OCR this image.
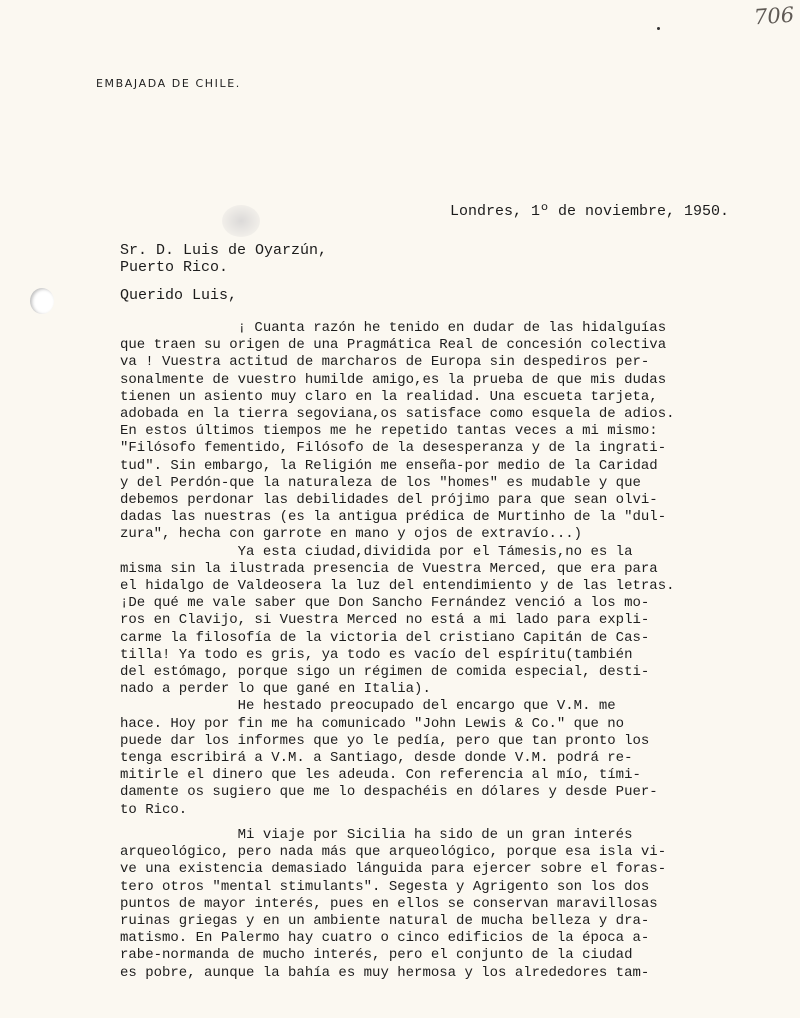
706
EMBAJADA DE CHILE.
Londres, 1º de noviembre, 1950.
Sr. D. Luis de Oyarzún,
Puerto Rico.
Querido Luis,
¡ Cuanta razón he tenido en dudar de las hidalguías
que traen su origen de una Pragmática Real de concesión colectiva
va ! Vuestra actitud de marcharos de Europa sin despediros per-
sonalmente de vuestro humilde amigo,es la prueba de que mis dudas
tienen un asiento muy claro en la realidad. Una escueta tarjeta,
adobada en la tierra segoviana,os satisface como esquela de adios.
En estos últimos tiempos me he repetido tantas veces a mi mismo:
"Filósofo fementido, Filósofo de la desesperanza y de la ingrati-
tud". Sin embargo, la Religión me enseña-por medio de la Caridad
y del Perdón-que la naturaleza de los "homes" es mudable y que
debemos perdonar las debilidades del prójimo para que sean olvi-
dadas las nuestras (es la antigua prédica de Murtinho de la "dul-
zura", hecha con garrote en mano y ojos de extravío...)
Ya esta ciudad,dividida por el Támesis,no es la
misma sin la ilustrada presencia de Vuestra Merced, que era para
el hidalgo de Valdeosera la luz del entendimiento y de las letras.
¡De qué me vale saber que Don Sancho Fernández venció a los mo-
ros en Clavijo, si Vuestra Merced no está a mi lado para expli-
carme la filosofía de la victoria del cristiano Capitán de Cas-
tilla! Ya todo es gris, ya todo es vacío del espíritu(también
del estómago, porque sigo un régimen de comida especial, desti-
nado a perder lo que gané en Italia).
He hestado preocupado del encargo que V.M. me
hace. Hoy por fin me ha comunicado "John Lewis & Co." que no
puede dar los informes que yo le pedía, pero que tan pronto los
tenga escribirá a V.M. a Santiago, desde donde V.M. podrá re-
mitirle el dinero que les adeuda. Con referencia al mío, tími-
damente os sugiero que me lo despachéis en dólares y desde Puer-
to Rico.
Mi viaje por Sicilia ha sido de un gran interés
arqueológico, pero nada más que arqueológico, porque esa isla vi-
ve una existencia demasiado lánguida para ejercer sobre el foras-
tero otros "mental stimulants". Segesta y Agrigento son los dos
puntos de mayor interés, pues en ellos se conservan maravillosas
ruinas griegas y en un ambiente natural de mucha belleza y dra-
matismo. En Palermo hay cuatro o cinco edificios de la época a-
rabe-normanda de mucho interés, pero el conjunto de la ciudad
es pobre, aunque la bahía es muy hermosa y los alrededores tam-
